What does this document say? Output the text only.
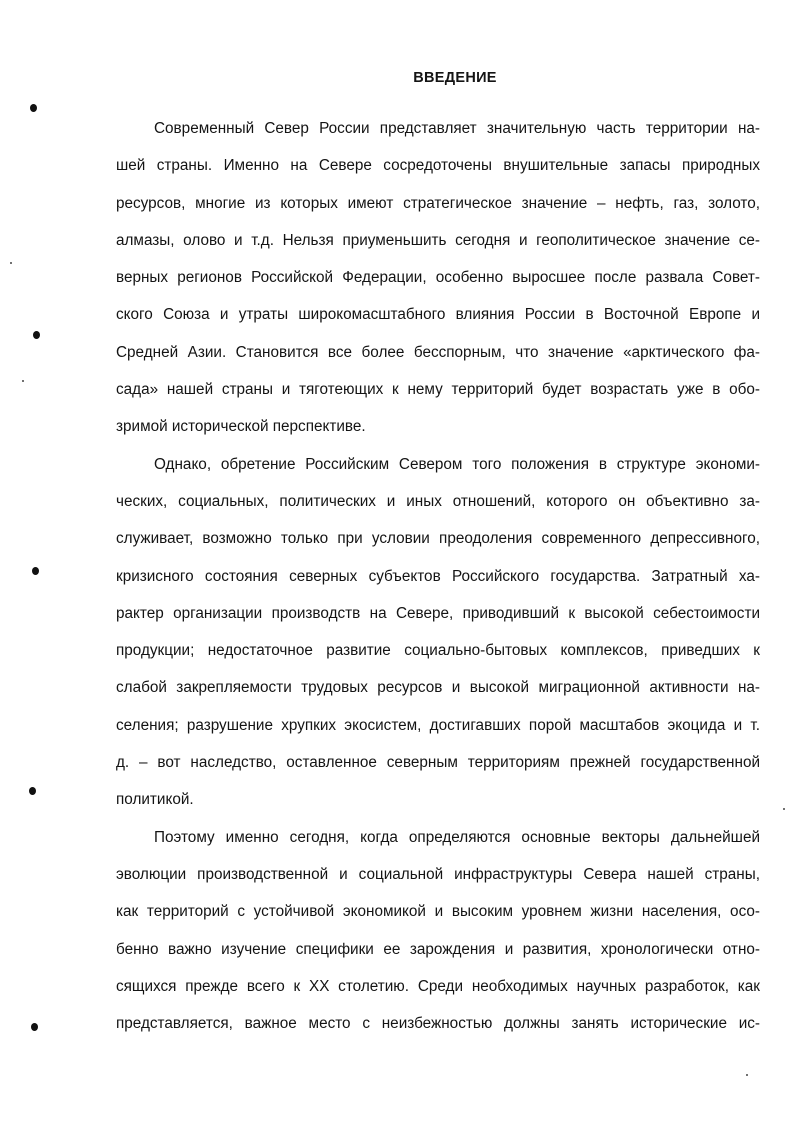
ВВЕДЕНИЕ
Современный Север России представляет значительную часть территории на-
шей страны. Именно на Севере сосредоточены внушительные запасы природных
ресурсов, многие из которых имеют стратегическое значение – нефть, газ, золото,
алмазы, олово и т.д. Нельзя приуменьшить сегодня и геополитическое значение се-
верных регионов Российской Федерации, особенно выросшее после развала Совет-
ского Союза и утраты широкомасштабного влияния России в Восточной Европе и
Средней Азии. Становится все более бесспорным, что значение «арктического фа-
сада» нашей страны и тяготеющих к нему территорий будет возрастать уже в обо-
зримой исторической перспективе.
Однако, обретение Российским Севером того положения в структуре экономи-
ческих, социальных, политических и иных отношений, которого он объективно за-
служивает, возможно только при условии преодоления современного депрессивного,
кризисного состояния северных субъектов Российского государства. Затратный ха-
рактер организации производств на Севере, приводивший к высокой себестоимости
продукции; недостаточное развитие социально-бытовых комплексов, приведших к
слабой закрепляемости трудовых ресурсов и высокой миграционной активности на-
селения; разрушение хрупких экосистем, достигавших порой масштабов экоцида и т.
д. – вот наследство, оставленное северным территориям прежней государственной
политикой.
Поэтому именно сегодня, когда определяются основные векторы дальнейшей
эволюции производственной и социальной инфраструктуры Севера нашей страны,
как территорий с устойчивой экономикой и высоким уровнем жизни населения, осо-
бенно важно изучение специфики ее зарождения и развития, хронологически отно-
сящихся прежде всего к XX столетию. Среди необходимых научных разработок, как
представляется, важное место с неизбежностью должны занять исторические ис-
